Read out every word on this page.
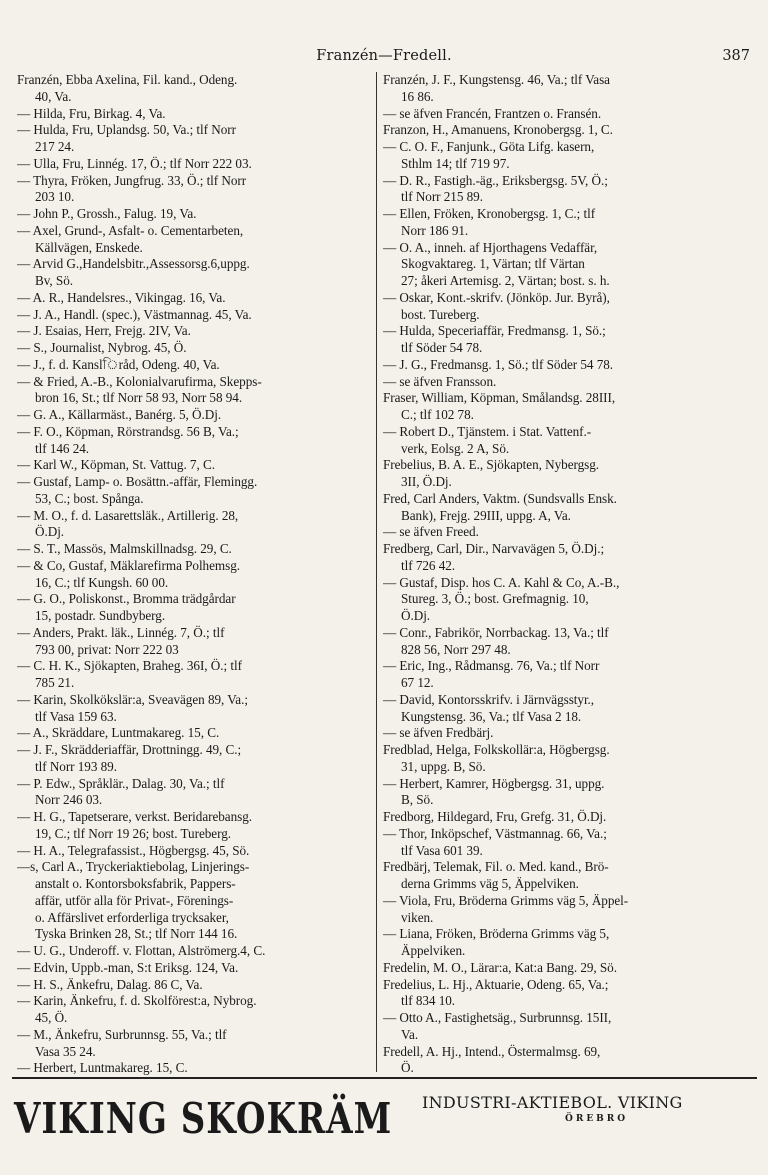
Franzén—Fredell.	387
Franzén, Ebba Axelina, Fil. kand., Odeng.
40, Va.
— Hilda, Fru, Birkag. 4, Va.
— Hulda, Fru, Uplandsg. 50, Va.; tlf Norr
217 24.
— Ulla, Fru, Linnég. 17, Ö.; tlf Norr 222 03.
— Thyra, Fröken, Jungfrug. 33, Ö.; tlf Norr
203 10.
— John P., Grossh., Falug. 19, Va.
— Axel, Grund-, Asfalt- o. Cementarbeten,
Källvägen, Enskede.
— Arvid G.,Handelsbitr.,Assessorsg.6,uppg.
Bv, Sö.
— A. R., Handelsres., Vikingag. 16, Va.
— J. A., Handl. (spec.), Västmannag. 45, Va.
— J. Esaias, Herr, Frejg. 2IV, Va.
— S., Journalist, Nybrog. 45, Ö.
— J., f. d. Kanslিråd, Odeng. 40, Va.
— & Fried, A.-B., Kolonialvarufirma, Skepps-
bron 16, St.; tlf Norr 58 93, Norr 58 94.
— G. A., Källarmäst., Banérg. 5, Ö.Dj.
— F. O., Köpman, Rörstrandsg. 56 B, Va.;
tlf 146 24.
— Karl W., Köpman, St. Vattug. 7, C.
— Gustaf, Lamp- o. Bosättn.-affär, Flemingg.
53, C.; bost. Spånga.
— M. O., f. d. Lasarettsläk., Artillerig. 28,
Ö.Dj.
— S. T., Massös, Malmskillnadsg. 29, C.
— & Co, Gustaf, Mäklarefirma Polhemsg.
16, C.; tlf Kungsh. 60 00.
— G. O., Poliskonst., Bromma trädgårdar
15, postadr. Sundbyberg.
— Anders, Prakt. läk., Linnég. 7, Ö.; tlf
793 00, privat: Norr 222 03
— C. H. K., Sjökapten, Braheg. 36I, Ö.; tlf
785 21.
— Karin, Skolkökslär:a, Sveavägen 89, Va.;
tlf Vasa 159 63.
— A., Skräddare, Luntmakareg. 15, C.
— J. F., Skrädderiaffär, Drottningg. 49, C.;
tlf Norr 193 89.
— P. Edw., Språklär., Dalag. 30, Va.; tlf
Norr 246 03.
— H. G., Tapetserare, verkst. Beridarebansg.
19, C.; tlf Norr 19 26; bost. Tureberg.
— H. A., Telegrafassist., Högbergsg. 45, Sö.
—s, Carl A., Tryckeriaktiebolag, Linjerings-
anstalt o. Kontorsboksfabrik, Pappers-
affär, utför alla för Privat-, Förenings-
o. Affärslivet erforderliga trycksaker,
Tyska Brinken 28, St.; tlf Norr 144 16.
— U. G., Underoff. v. Flottan, Alströmerg.4, C.
— Edvin, Uppb.-man, S:t Eriksg. 124, Va.
— H. S., Änkefru, Dalag. 86 C, Va.
— Karin, Änkefru, f. d. Skolförest:a, Nybrog.
45, Ö.
— M., Änkefru, Surbrunnsg. 55, Va.; tlf
Vasa 35 24.
— Herbert, Luntmakareg. 15, C.
Franzén, J. F., Kungstensg. 46, Va.; tlf Vasa
16 86.
— se äfven Francén, Frantzen o. Fransén.
Franzon, H., Amanuens, Kronobergsg. 1, C.
— C. O. F., Fanjunk., Göta Lifg. kasern,
Sthlm 14; tlf 719 97.
— D. R., Fastigh.-äg., Eriksbergsg. 5V, Ö.;
tlf Norr 215 89.
— Ellen, Fröken, Kronobergsg. 1, C.; tlf
Norr 186 91.
— O. A., inneh. af Hjorthagens Vedaffär,
Skogvaktareg. 1, Värtan; tlf Värtan
27; åkeri Artemisg. 2, Värtan; bost. s. h.
— Oskar, Kont.-skrifv. (Jönköp. Jur. Byrå),
bost. Tureberg.
— Hulda, Speceriaffär, Fredmansg. 1, Sö.;
tlf Söder 54 78.
— J. G., Fredmansg. 1, Sö.; tlf Söder 54 78.
— se äfven Fransson.
Fraser, William, Köpman, Smålandsg. 28III,
C.; tlf 102 78.
— Robert D., Tjänstem. i Stat. Vattenf.-
verk, Eolsg. 2 A, Sö.
Frebelius, B. A. E., Sjökapten, Nybergsg.
3II, Ö.Dj.
Fred, Carl Anders, Vaktm. (Sundsvalls Ensk.
Bank), Frejg. 29III, uppg. A, Va.
— se äfven Freed.
Fredberg, Carl, Dir., Narvavägen 5, Ö.Dj.;
tlf 726 42.
— Gustaf, Disp. hos C. A. Kahl & Co, A.-B.,
Stureg. 3, Ö.; bost. Grefmagnig. 10,
Ö.Dj.
— Conr., Fabrikör, Norrbackag. 13, Va.; tlf
828 56, Norr 297 48.
— Eric, Ing., Rådmansg. 76, Va.; tlf Norr
67 12.
— David, Kontorsskrifv. i Järnvägsstyr.,
Kungstensg. 36, Va.; tlf Vasa 2 18.
— se äfven Fredbärj.
Fredblad, Helga, Folkskollär:a, Högbergsg.
31, uppg. B, Sö.
— Herbert, Kamrer, Högbergsg. 31, uppg.
B, Sö.
Fredborg, Hildegard, Fru, Grefg. 31, Ö.Dj.
— Thor, Inköpschef, Västmannag. 66, Va.;
tlf Vasa 601 39.
Fredbärj, Telemak, Fil. o. Med. kand., Brö-
derna Grimms väg 5, Äppelviken.
— Viola, Fru, Bröderna Grimms väg 5, Äppel-
viken.
— Liana, Fröken, Bröderna Grimms väg 5,
Äppelviken.
Fredelin, M. O., Lärar:a, Kat:a Bang. 29, Sö.
Fredelius, L. Hj., Aktuarie, Odeng. 65, Va.;
tlf 834 10.
— Otto A., Fastighetsäg., Surbrunnsg. 15II,
Va.
Fredell, A. Hj., Intend., Östermalmsg. 69,
Ö.
VIKING SKOKRÄM INDUSTRI-AKTIEBOL. VIKING
ÖREBRO
